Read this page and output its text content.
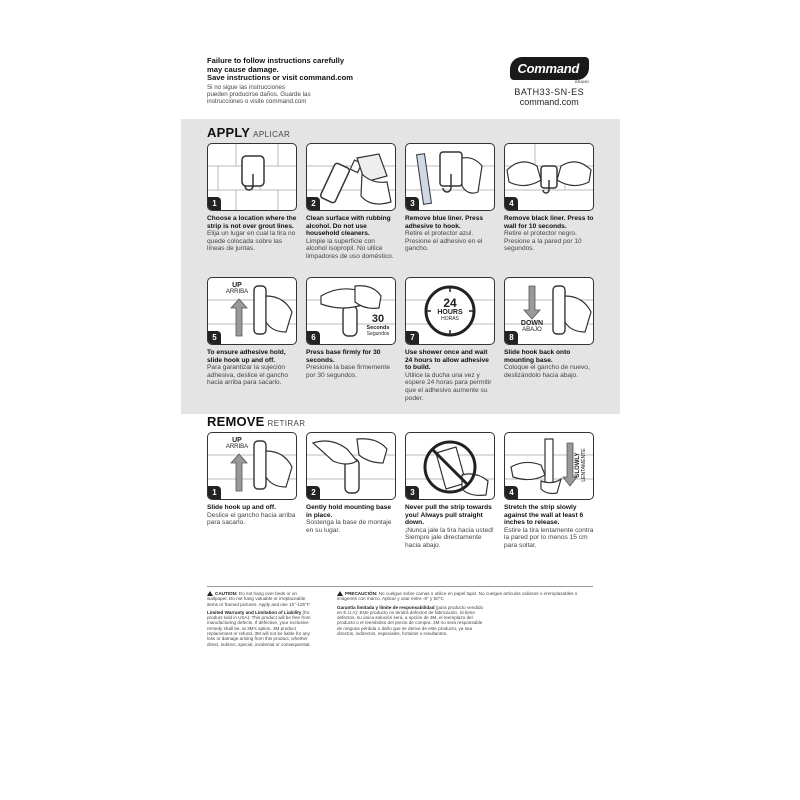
Failure to follow instructions carefully
may cause damage.
Save instructions or visit command.com
Si no sigue las instrucciones
pueden producirse daños. Guarde las
instrucciones o visite command.com
Command
BRAND
BATH33-SN-ES
command.com
APPLY APLICAR
1
Choose a location where the strip is not over grout lines.
Elija un lugar en cual la tira no quede colocada sobre las líneas de juntas.
2
Clean surface with rubbing alcohol. Do not use household cleaners.
Limpie la superficie con alcohol isopropil. No ultice limpadores de uso doméstico.
3
Remove blue liner. Press adhesive to hook.
Retire el protector azul. Presione el adhesivo en el gancho.
4
Remove black liner. Press to wall for 10 seconds.
Retire el protector negro. Presione a la pared por 10 segundos.
UP
ARRIBA
5
To ensure adhesive hold, slide hook up and off.
Para garantizar la sujeción adhesiva, deslice el gancho hacia arriba para sacarlo.
30
Seconds
Segundos
6
Press base firmly for 30 seconds.
Presione la base firmemente por 30 segundos.
24
HOURS
HORAS
7
Use shower once and wait 24 hours to allow adhesive to build.
Utilice la ducha una vez y espere 24 horas para permitir que el adhesivo aumente su poder.
DOWN
ABAJO
8
Slide hook back onto mounting base.
Coloque el gancho de nuevo, deslizándolo hacia abajo.
REMOVE RETIRAR
UP
ARRIBA
1
Slide hook up and off.
Deslice el gancho hacia arriba para sacarlo.
2
Gently hold mounting base in place.
Sostenga la base de montaje en su lugar.
3
Never pull the strip towards you! Always pull straight down.
¡Nunca jale la tira hacia usted! Siempre jale directamente hacia abajo.
SLOWLY LENTAMENTE
4
Stretch the strip slowly against the wall at least 6 inches to release.
Estire la tira lentamente contra la pared por lo menos 15 cm para soltar.
CAUTION: Do not hang over beds or on wallpaper. Do not hang valuable or irreplaceable items or framed pictures. Apply and use 15°-125°F.
Limited Warranty and Limitation of Liability (for product sold in USA): This product will be free from manufacturing defects. If defective, your exclusive remedy shall be, at 3M's option, 3M product replacement or refund. 3M will not be liable for any loss or damage arising from this product, whether direct, indirect, special, incidental or consequential.
PRECAUCIÓN: No cuelgue sobre camas o utilice en papel tapiz. No cuelgue artículos valiosos o irremplazables o imágenes con marco. Aplicar y usar entre -9° y 50°C
Garantía limitada y límite de responsabilidad (para producto vendido en E.U.A): Este producto no tendrá defectos de fabricación. Si tiene defectos, su única solución será, a opción de 3M, el reemplazo del producto o el reembolso del precio de compra. 3M no será responsable de ninguna pérdida o daño que se derive de este producto, ya sea directos, indirectos, especiales, fortuitos o resultantes.
